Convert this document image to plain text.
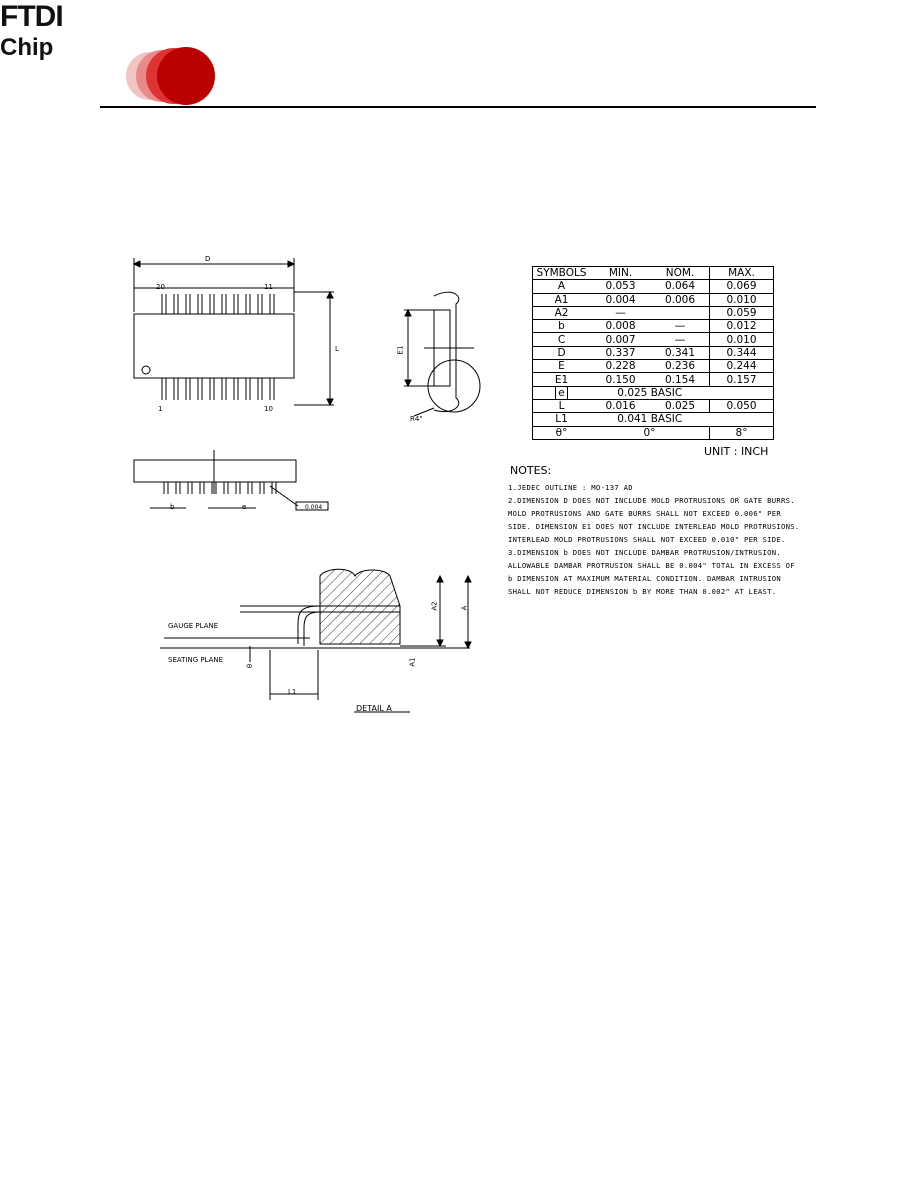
FTDI
Chip
D
20	11
1	10
L	E1
R4"
b	e	0.004
GAUGE PLANE
SEATING PLANE
L1
A2	A
A1
θ
DETAIL A
SYMBOLS	MIN.	NOM.	MAX.
A	0.053	0.064	0.069
A1	0.004	0.006	0.010
A2	—		0.059
b	0.008	—	0.012
C	0.007	—	0.010
D	0.337	0.341	0.344
E	0.228	0.236	0.244
E1	0.150	0.154	0.157
e	0.025 BASIC		
L	0.016	0.025	0.050
L1	0.041 BASIC		
θ°	0°		8°
UNIT : INCH
NOTES:
1.JEDEC OUTLINE : MO-137 AD
2.DIMENSION D DOES NOT INCLUDE MOLD PROTRUSIONS OR GATE BURRS.
MOLD PROTRUSIONS AND GATE BURRS SHALL NOT EXCEED 0.006" PER
SIDE. DIMENSION E1 DOES NOT INCLUDE INTERLEAD MOLD PROTRUSIONS.
INTERLEAD MOLD PROTRUSIONS SHALL NOT EXCEED 0.010" PER SIDE.
3.DIMENSION b DOES NOT INCLUDE DAMBAR PROTRUSION/INTRUSION.
ALLOWABLE DAMBAR PROTRUSION SHALL BE 0.004" TOTAL IN EXCESS OF
b DIMENSION AT MAXIMUM MATERIAL CONDITION. DAMBAR INTRUSION
SHALL NOT REDUCE DIMENSION b BY MORE THAN 0.002" AT LEAST.
